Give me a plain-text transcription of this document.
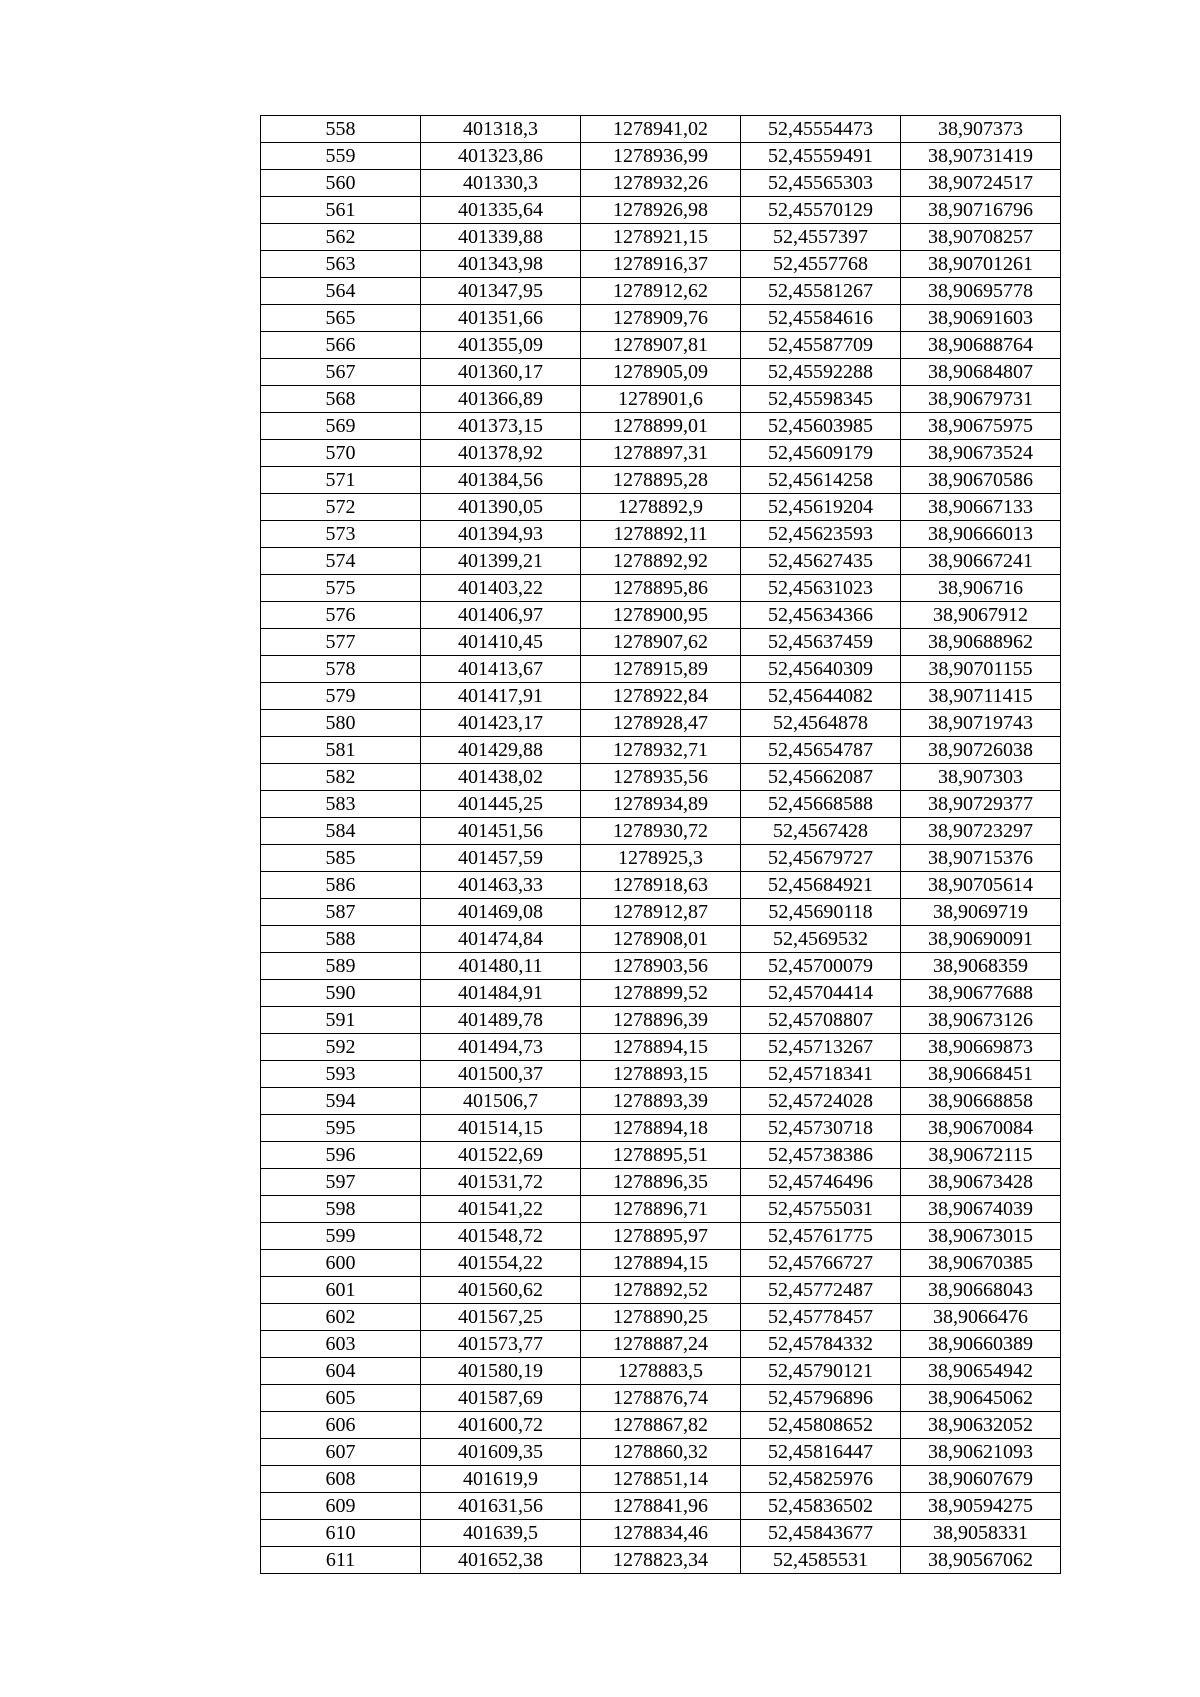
558	401318,3	1278941,02	52,45554473	38,907373
559	401323,86	1278936,99	52,45559491	38,90731419
560	401330,3	1278932,26	52,45565303	38,90724517
561	401335,64	1278926,98	52,45570129	38,90716796
562	401339,88	1278921,15	52,4557397	38,90708257
563	401343,98	1278916,37	52,4557768	38,90701261
564	401347,95	1278912,62	52,45581267	38,90695778
565	401351,66	1278909,76	52,45584616	38,90691603
566	401355,09	1278907,81	52,45587709	38,90688764
567	401360,17	1278905,09	52,45592288	38,90684807
568	401366,89	1278901,6	52,45598345	38,90679731
569	401373,15	1278899,01	52,45603985	38,90675975
570	401378,92	1278897,31	52,45609179	38,90673524
571	401384,56	1278895,28	52,45614258	38,90670586
572	401390,05	1278892,9	52,45619204	38,90667133
573	401394,93	1278892,11	52,45623593	38,90666013
574	401399,21	1278892,92	52,45627435	38,90667241
575	401403,22	1278895,86	52,45631023	38,906716
576	401406,97	1278900,95	52,45634366	38,9067912
577	401410,45	1278907,62	52,45637459	38,90688962
578	401413,67	1278915,89	52,45640309	38,90701155
579	401417,91	1278922,84	52,45644082	38,90711415
580	401423,17	1278928,47	52,4564878	38,90719743
581	401429,88	1278932,71	52,45654787	38,90726038
582	401438,02	1278935,56	52,45662087	38,907303
583	401445,25	1278934,89	52,45668588	38,90729377
584	401451,56	1278930,72	52,4567428	38,90723297
585	401457,59	1278925,3	52,45679727	38,90715376
586	401463,33	1278918,63	52,45684921	38,90705614
587	401469,08	1278912,87	52,45690118	38,9069719
588	401474,84	1278908,01	52,4569532	38,90690091
589	401480,11	1278903,56	52,45700079	38,9068359
590	401484,91	1278899,52	52,45704414	38,90677688
591	401489,78	1278896,39	52,45708807	38,90673126
592	401494,73	1278894,15	52,45713267	38,90669873
593	401500,37	1278893,15	52,45718341	38,90668451
594	401506,7	1278893,39	52,45724028	38,90668858
595	401514,15	1278894,18	52,45730718	38,90670084
596	401522,69	1278895,51	52,45738386	38,90672115
597	401531,72	1278896,35	52,45746496	38,90673428
598	401541,22	1278896,71	52,45755031	38,90674039
599	401548,72	1278895,97	52,45761775	38,90673015
600	401554,22	1278894,15	52,45766727	38,90670385
601	401560,62	1278892,52	52,45772487	38,90668043
602	401567,25	1278890,25	52,45778457	38,9066476
603	401573,77	1278887,24	52,45784332	38,90660389
604	401580,19	1278883,5	52,45790121	38,90654942
605	401587,69	1278876,74	52,45796896	38,90645062
606	401600,72	1278867,82	52,45808652	38,90632052
607	401609,35	1278860,32	52,45816447	38,90621093
608	401619,9	1278851,14	52,45825976	38,90607679
609	401631,56	1278841,96	52,45836502	38,90594275
610	401639,5	1278834,46	52,45843677	38,9058331
611	401652,38	1278823,34	52,4585531	38,90567062
